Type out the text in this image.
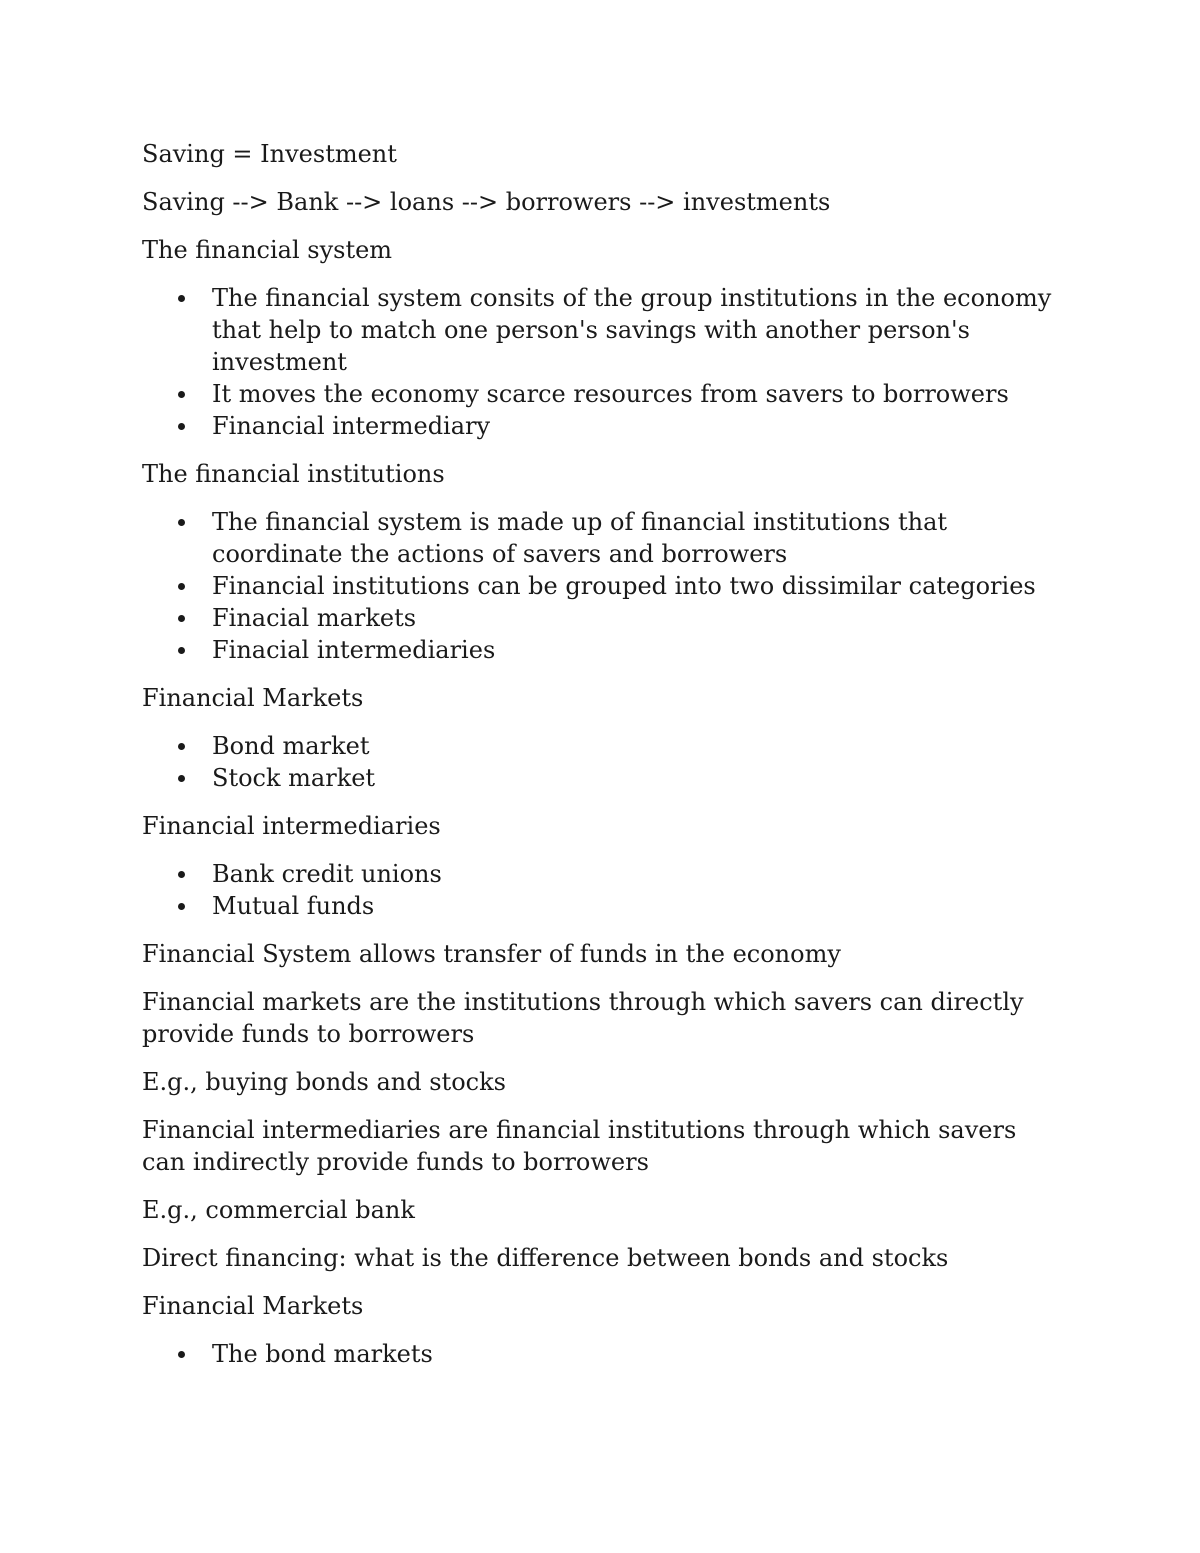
Saving = Investment

Saving --> Bank --> loans --> borrowers --> investments

The financial system

The financial system consits of the group institutions in the economy that help to match one person's savings with another person's investment
It moves the economy scarce resources from savers to borrowers
Financial intermediary

The financial institutions

The financial system is made up of financial institutions that coordinate the actions of savers and borrowers
Financial institutions can be grouped into two dissimilar categories
Finacial markets
Finacial intermediaries

Financial Markets

Bond market
Stock market

Financial intermediaries

Bank credit unions
Mutual funds

Financial System allows transfer of funds in the economy

Financial markets are the institutions through which savers can directly provide funds to borrowers

E.g., buying bonds and stocks

Financial intermediaries are financial institutions through which savers can indirectly provide funds to borrowers

E.g., commercial bank

Direct financing: what is the difference between bonds and stocks

Financial Markets

The bond markets
